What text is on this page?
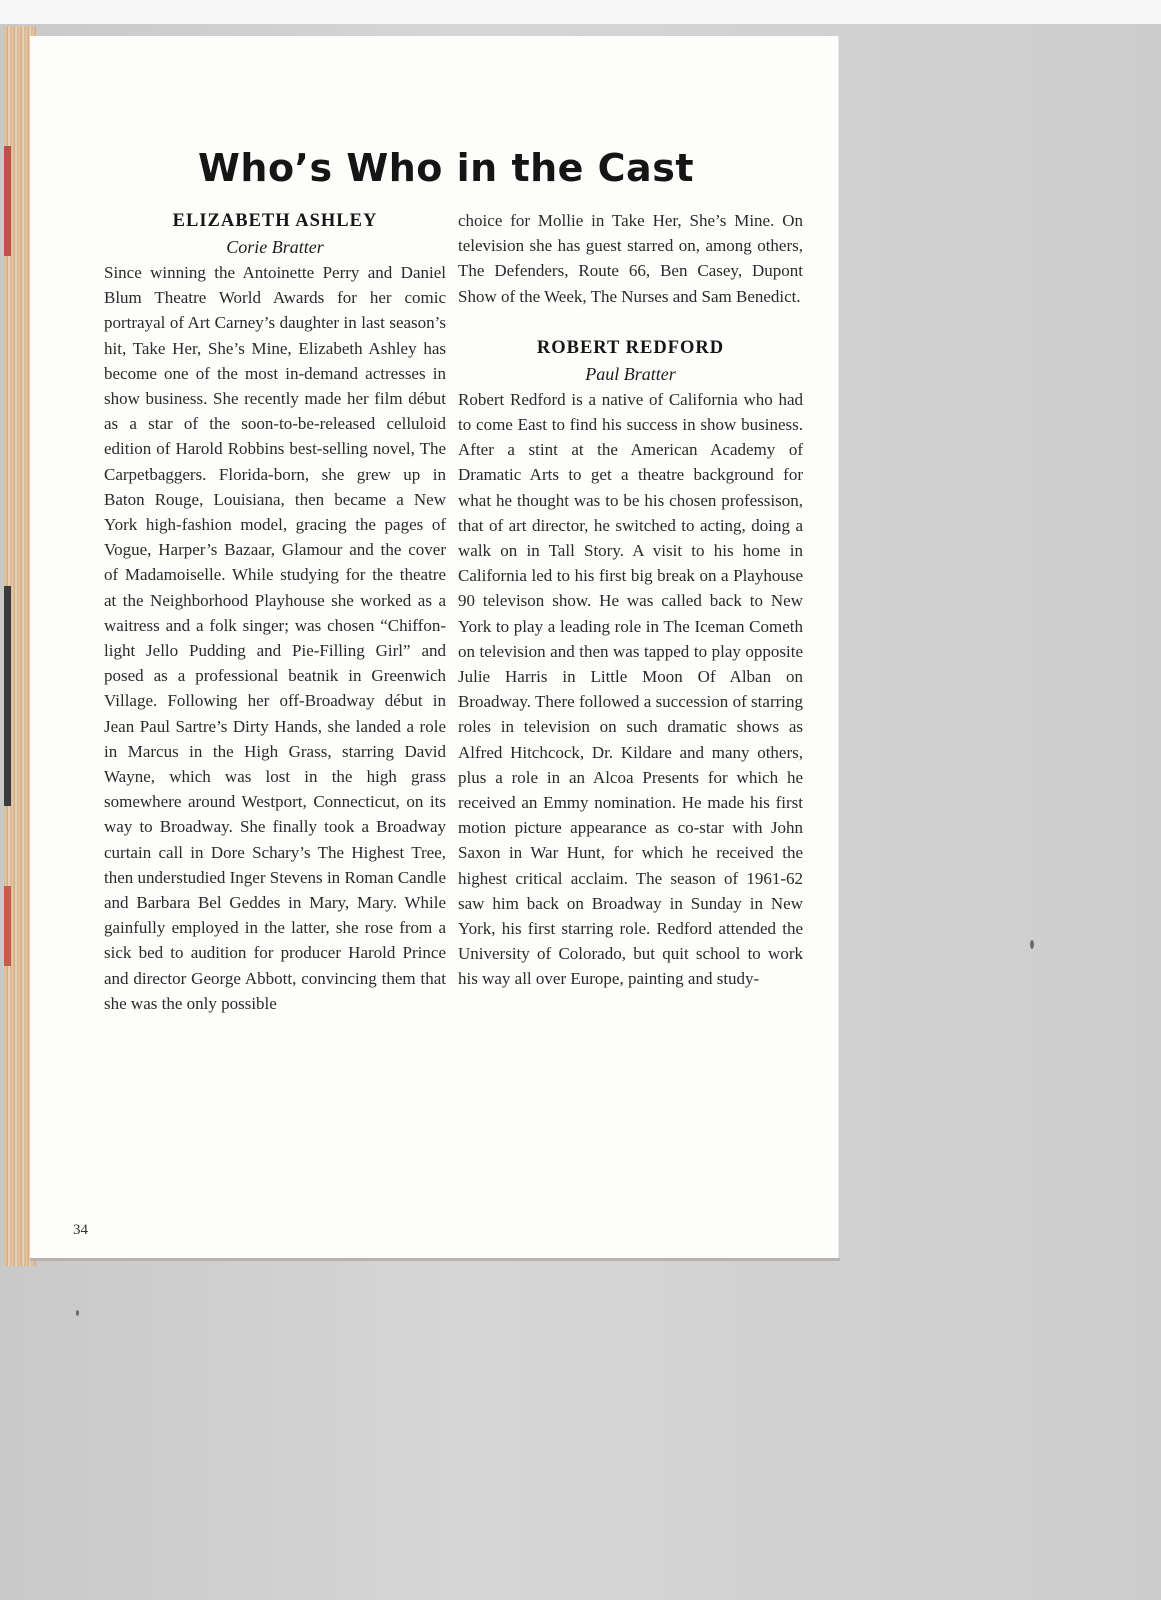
Who’s Who in the Cast
ELIZABETH ASHLEY
Corie Bratter

Since winning the Antoinette Perry and Daniel Blum Theatre World Awards for her comic portrayal of Art Carney’s daughter in last season’s hit, Take Her, She’s Mine, Elizabeth Ashley has become one of the most in-demand actresses in show business. She recently made her film début as a star of the soon-to-be-released celluloid edition of Harold Robbins best-selling novel, The Carpetbaggers. Florida-born, she grew up in Baton Rouge, Louisiana, then became a New York high-fashion model, gracing the pages of Vogue, Harper’s Bazaar, Glamour and the cover of Madamoiselle. While studying for the theatre at the Neighborhood Playhouse she worked as a waitress and a folk singer; was chosen “Chiffon-light Jello Pudding and Pie-Filling Girl” and posed as a professional beatnik in Greenwich Village. Following her off-Broadway début in Jean Paul Sartre’s Dirty Hands, she landed a role in Marcus in the High Grass, starring David Wayne, which was lost in the high grass somewhere around Westport, Connecticut, on its way to Broadway. She finally took a Broadway curtain call in Dore Schary’s The Highest Tree, then understudied Inger Stevens in Roman Candle and Barbara Bel Geddes in Mary, Mary. While gainfully employed in the latter, she rose from a sick bed to audition for producer Harold Prince and director George Abbott, convincing them that she was the only possible

choice for Mollie in Take Her, She’s Mine. On television she has guest starred on, among others, The Defenders, Route 66, Ben Casey, Dupont Show of the Week, The Nurses and Sam Benedict.

ROBERT REDFORD
Paul Bratter

Robert Redford is a native of California who had to come East to find his success in show business. After a stint at the American Academy of Dramatic Arts to get a theatre background for what he thought was to be his chosen professison, that of art director, he switched to acting, doing a walk on in Tall Story. A visit to his home in California led to his first big break on a Playhouse 90 televison show. He was called back to New York to play a leading role in The Iceman Cometh on television and then was tapped to play opposite Julie Harris in Little Moon Of Alban on Broadway. There followed a succession of starring roles in television on such dramatic shows as Alfred Hitchcock, Dr. Kildare and many others, plus a role in an Alcoa Presents for which he received an Emmy nomination. He made his first motion picture appearance as co-star with John Saxon in War Hunt, for which he received the highest critical acclaim. The season of 1961-62 saw him back on Broadway in Sunday in New York, his first starring role. Redford attended the University of Colorado, but quit school to work his way all over Europe, painting and study-

34
